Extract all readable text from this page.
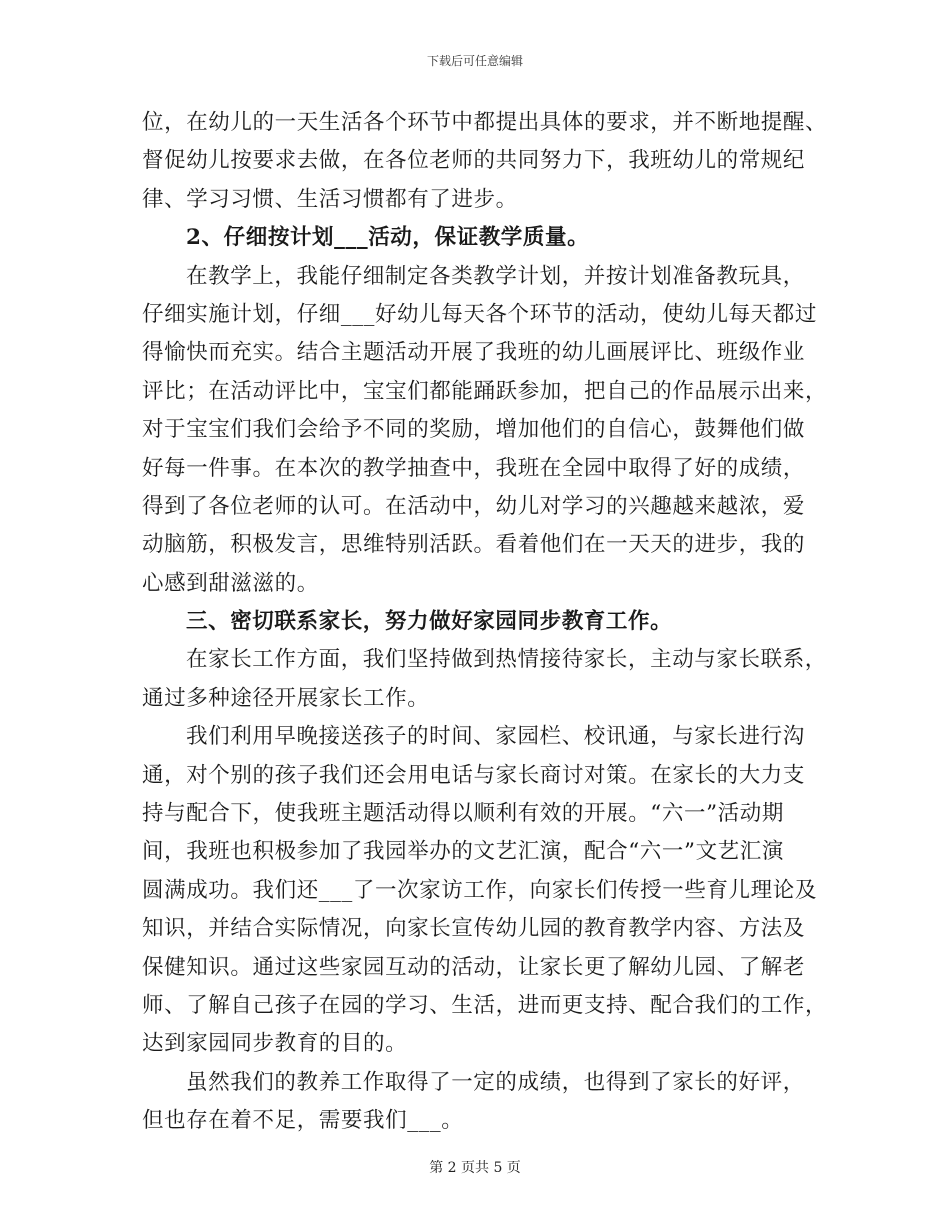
下载后可任意编辑
位，在幼儿的一天生活各个环节中都提出具体的要求，并不断地提醒、
督促幼儿按要求去做，在各位老师的共同努力下，我班幼儿的常规纪
律、学习习惯、生活习惯都有了进步。
2、仔细按计划___活动，保证教学质量。
在教学上，我能仔细制定各类教学计划，并按计划准备教玩具，
仔细实施计划，仔细___好幼儿每天各个环节的活动，使幼儿每天都过
得愉快而充实。结合主题活动开展了我班的幼儿画展评比、班级作业
评比；在活动评比中，宝宝们都能踊跃参加，把自己的作品展示出来，
对于宝宝们我们会给予不同的奖励，增加他们的自信心，鼓舞他们做
好每一件事。在本次的教学抽查中，我班在全园中取得了好的成绩，
得到了各位老师的认可。在活动中，幼儿对学习的兴趣越来越浓，爱
动脑筋，积极发言，思维特别活跃。看着他们在一天天的进步，我的
心感到甜滋滋的。
三、密切联系家长，努力做好家园同步教育工作。
在家长工作方面，我们坚持做到热情接待家长，主动与家长联系，
通过多种途径开展家长工作。
我们利用早晚接送孩子的时间、家园栏、校讯通，与家长进行沟
通，对个别的孩子我们还会用电话与家长商讨对策。在家长的大力支
持与配合下，使我班主题活动得以顺利有效的开展。“六一”活动期
间，我班也积极参加了我园举办的文艺汇演，配合“六一”文艺汇演
圆满成功。我们还___了一次家访工作，向家长们传授一些育儿理论及
知识，并结合实际情况，向家长宣传幼儿园的教育教学内容、方法及
保健知识。通过这些家园互动的活动，让家长更了解幼儿园、了解老
师、了解自己孩子在园的学习、生活，进而更支持、配合我们的工作，
达到家园同步教育的目的。
虽然我们的教养工作取得了一定的成绩，也得到了家长的好评，
但也存在着不足，需要我们___。
第 2 页共 5 页
